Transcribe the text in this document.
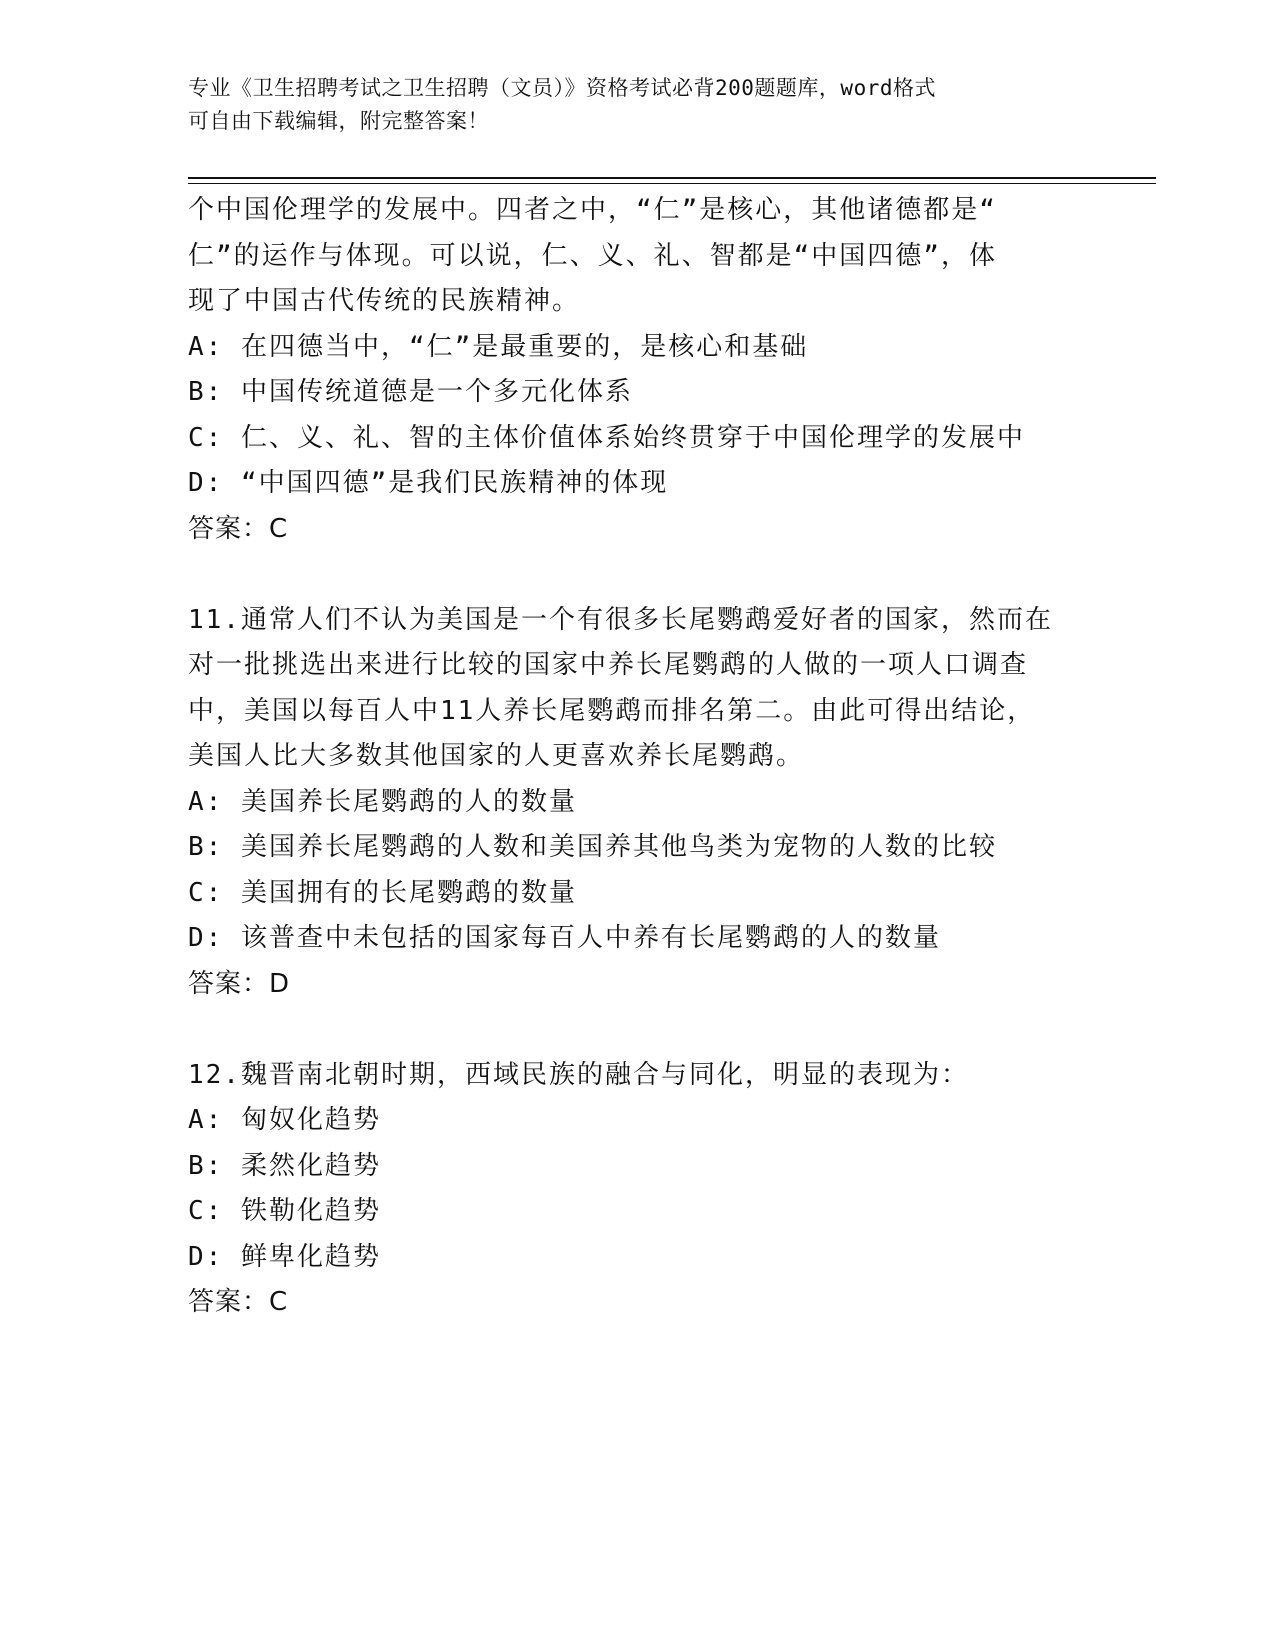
专业《卫生招聘考试之卫生招聘（文员）》资格考试必背200题题库，word格式
可自由下载编辑，附完整答案！
个中国伦理学的发展中。四者之中，“仁”是核心，其他诸德都是“
仁”的运作与体现。可以说，仁、义、礼、智都是“中国四德”，体
现了中国古代传统的民族精神。
A: 在四德当中，“仁”是最重要的，是核心和基础
B: 中国传统道德是一个多元化体系
C: 仁、义、礼、智的主体价值体系始终贯穿于中国伦理学的发展中
D: “中国四德”是我们民族精神的体现
答案：C
11.通常人们不认为美国是一个有很多长尾鹦鹉爱好者的国家，然而在
对一批挑选出来进行比较的国家中养长尾鹦鹉的人做的一项人口调查
中，美国以每百人中11人养长尾鹦鹉而排名第二。由此可得出结论，
美国人比大多数其他国家的人更喜欢养长尾鹦鹉。
A: 美国养长尾鹦鹉的人的数量
B: 美国养长尾鹦鹉的人数和美国养其他鸟类为宠物的人数的比较
C: 美国拥有的长尾鹦鹉的数量
D: 该普查中未包括的国家每百人中养有长尾鹦鹉的人的数量
答案：D
12.魏晋南北朝时期，西域民族的融合与同化，明显的表现为：
A: 匈奴化趋势
B: 柔然化趋势
C: 铁勒化趋势
D: 鲜卑化趋势
答案：C
